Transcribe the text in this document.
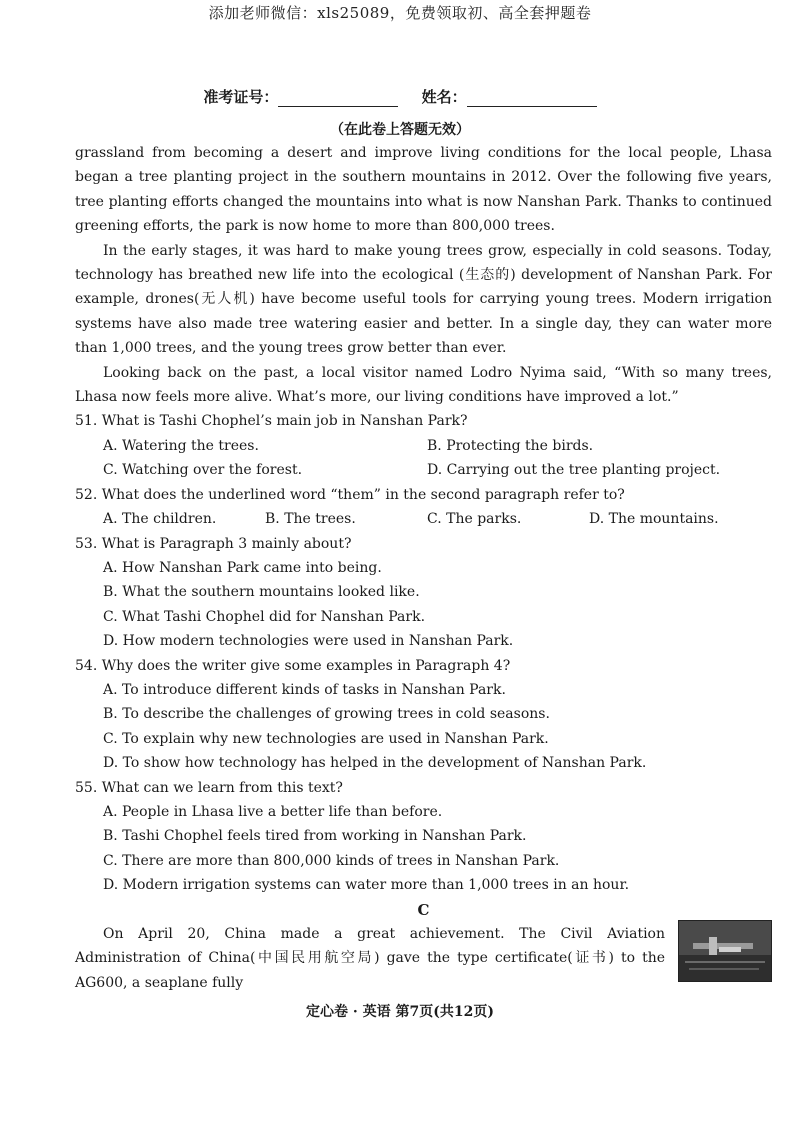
添加老师微信：xls25089，免费领取初、高全套押题卷
准考证号：	姓名：
（在此卷上答题无效）

grassland from becoming a desert and improve living conditions for the local people, Lhasa began a tree planting project in the southern mountains in 2012. Over the following five years, tree planting efforts changed the mountains into what is now Nanshan Park. Thanks to continued greening efforts, the park is now home to more than 800,000 trees.

In the early stages, it was hard to make young trees grow, especially in cold seasons. Today, technology has breathed new life into the ecological (生态的) development of Nanshan Park. For example, drones(无人机) have become useful tools for carrying young trees. Modern irrigation systems have also made tree watering easier and better. In a single day, they can water more than 1,000 trees, and the young trees grow better than ever.

Looking back on the past, a local visitor named Lodro Nyima said, “With so many trees, Lhasa now feels more alive. What’s more, our living conditions have improved a lot.”

51. What is Tashi Chophel’s main job in Nanshan Park?

A. Watering the trees.	B. Protecting the birds.
C. Watching over the forest.	D. Carrying out the tree planting project.

52. What does the underlined word “them” in the second paragraph refer to?

A. The children.	B. The trees.	C. The parks.	D. The mountains.

53. What is Paragraph 3 mainly about?

A. How Nanshan Park came into being.

B. What the southern mountains looked like.

C. What Tashi Chophel did for Nanshan Park.

D. How modern technologies were used in Nanshan Park.

54. Why does the writer give some examples in Paragraph 4?

A. To introduce different kinds of tasks in Nanshan Park.

B. To describe the challenges of growing trees in cold seasons.

C. To explain why new technologies are used in Nanshan Park.

D. To show how technology has helped in the development of Nanshan Park.

55. What can we learn from this text?

A. People in Lhasa live a better life than before.

B. Tashi Chophel feels tired from working in Nanshan Park.

C. There are more than 800,000 kinds of trees in Nanshan Park.

D. Modern irrigation systems can water more than 1,000 trees in an hour.

C

On April 20, China made a great achievement. The Civil Aviation Administration of China(中国民用航空局) gave the type certificate(证书) to the AG600, a seaplane fully

定心卷 · 英语 第7页(共12页)
